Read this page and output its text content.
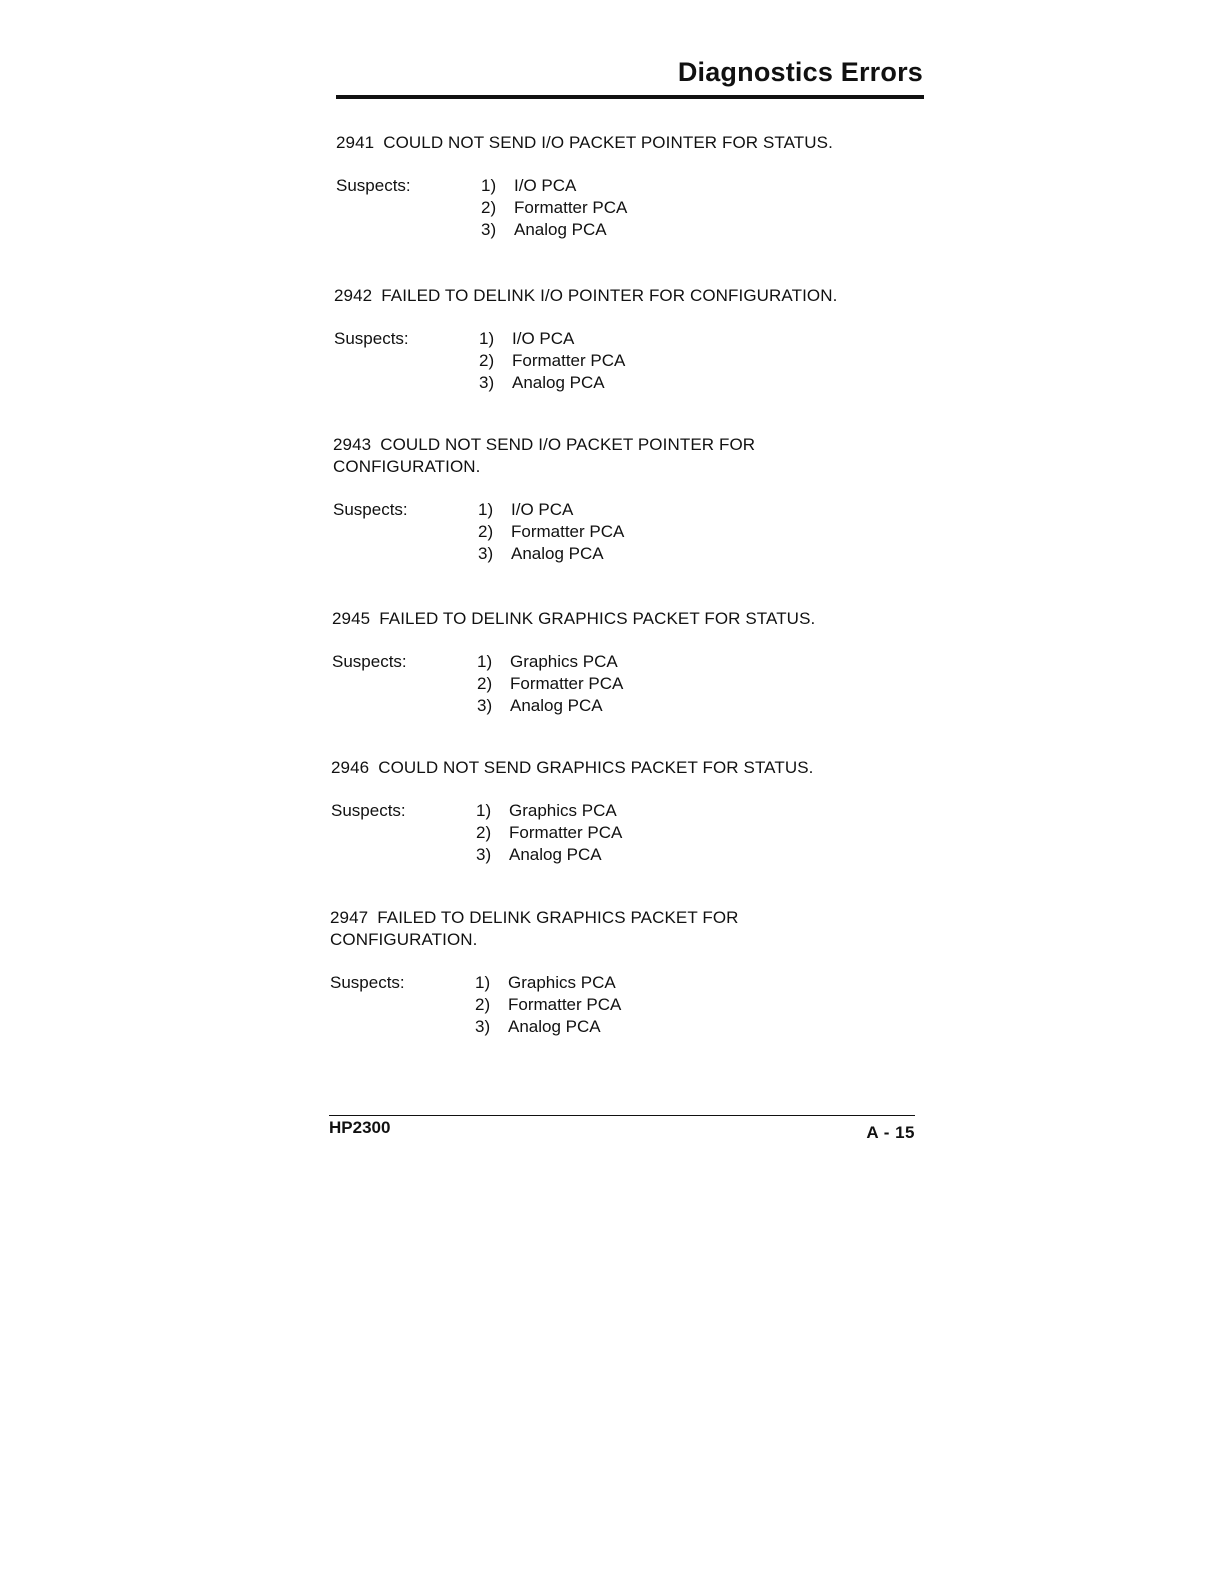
Diagnostics Errors

2941 COULD NOT SEND I/O PACKET POINTER FOR STATUS.

Suspects:	1) I/O PCA
2) Formatter PCA
3) Analog PCA

2942 FAILED TO DELINK I/O POINTER FOR CONFIGURATION.

Suspects:	1) I/O PCA
2) Formatter PCA
3) Analog PCA

2943 COULD NOT SEND I/O PACKET POINTER FOR CONFIGURATION.

Suspects:	1) I/O PCA
2) Formatter PCA
3) Analog PCA

2945 FAILED TO DELINK GRAPHICS PACKET FOR STATUS.

Suspects:	1) Graphics PCA
2) Formatter PCA
3) Analog PCA

2946 COULD NOT SEND GRAPHICS PACKET FOR STATUS.

Suspects:	1) Graphics PCA
2) Formatter PCA
3) Analog PCA

2947 FAILED TO DELINK GRAPHICS PACKET FOR CONFIGURATION.

Suspects:	1) Graphics PCA
2) Formatter PCA
3) Analog PCA
HP2300	A - 15
